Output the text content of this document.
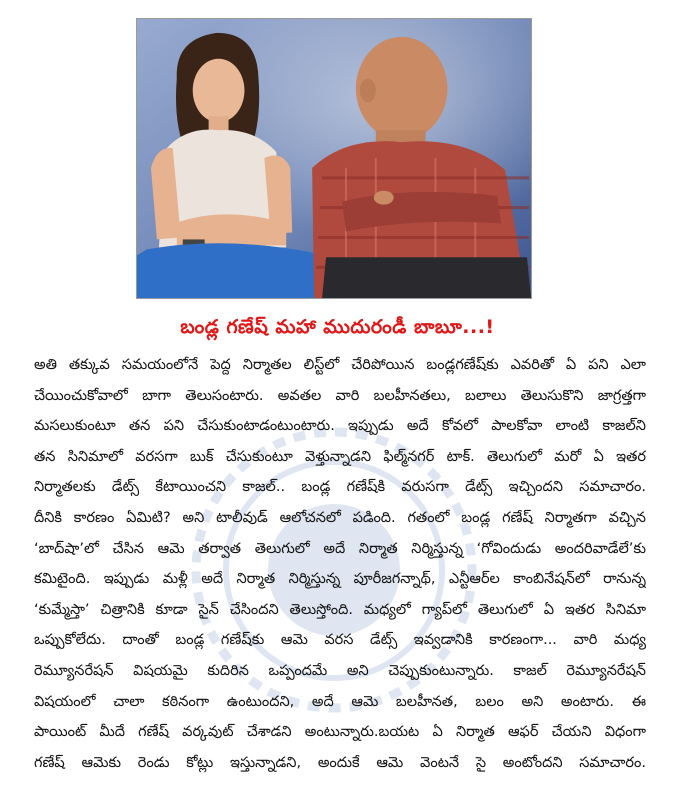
బండ్ల గణేష్ మహా ముదురండీ బాబూ...!
అతి తక్కువ సమయంలోనే పెద్ద నిర్మాతల లిస్ట్‌లో చేరిపోయిన బండ్లగణేష్‌కు ఎవరితో ఏ పని ఎలా
చేయించుకోవాలో బాగా తెలుసంటారు. అవతల వారి బలహీనతలు, బలాలు తెలుసుకొని జాగ్రత్తగా
మసలుకుంటూ తన పని చేసుకుంటాడంటుంటారు. ఇప్పుడు అదే కోవలో పాలకోవా లాంటి కాజల్‌ని
తన సినిమాలో వరసగా బుక్ చేసుకుంటూ వెళ్తున్నాడని ఫిల్మ్‌నగర్ టాక్. తెలుగులో మరో ఏ ఇతర
నిర్మాతలకు డేట్స్ కేటాయించని కాజల్.. బండ్ల గణేష్‌కి వరుసగా డేట్స్ ఇచ్చిందని సమాచారం.
దీనికి కారణం ఏమిటి? అని టాలీవుడ్ ఆలోచనలో పడింది. గతంలో బండ్ల గణేష్ నిర్మాతగా వచ్చిన
‘బాద్‌షా’లో చేసిన ఆమె తర్వాత తెలుగులో అదే నిర్మాత నిర్మిస్తున్న ‘గోవిందుడు అందరివాడేలే’కు
కమిటైంది. ఇప్పుడు మళ్లీ అదే నిర్మాత నిర్మిస్తున్న పూరీజగన్నాథ్, ఎన్టీఆర్‌ల కాంబినేషన్‌లో రానున్న
‘కుమ్మేస్తా’ చిత్రానికి కూడా సైన్ చేసిందని తెలుస్తోంది. మధ్యలో గ్యాప్‌లో తెలుగులో ఏ ఇతర సినిమా
ఒప్పుకోలేదు. దాంతో బండ్ల గణేష్‌కు ఆమె వరస డేట్స్ ఇవ్వడానికి కారణంగా... వారి మధ్య
రెమ్యూనరేషన్ విషయమై కుదిరిన ఒప్పందమే అని చెప్పుకుంటున్నారు. కాజల్ రెమ్యూనరేషన్
విషయంలో చాలా కఠినంగా ఉంటుందని, అదే ఆమె బలహీనత, బలం అని అంటారు. ఈ
పాయింట్ మీదే గణేష్ వర్కవుట్ చేశాడని అంటున్నారు.బయట ఏ నిర్మాత ఆఫర్ చేయని విధంగా
గణేష్ ఆమెకు రెండు కోట్లు ఇస్తున్నాడని, అందుకే ఆమె వెంటనే సై అంటోందని సమాచారం.
